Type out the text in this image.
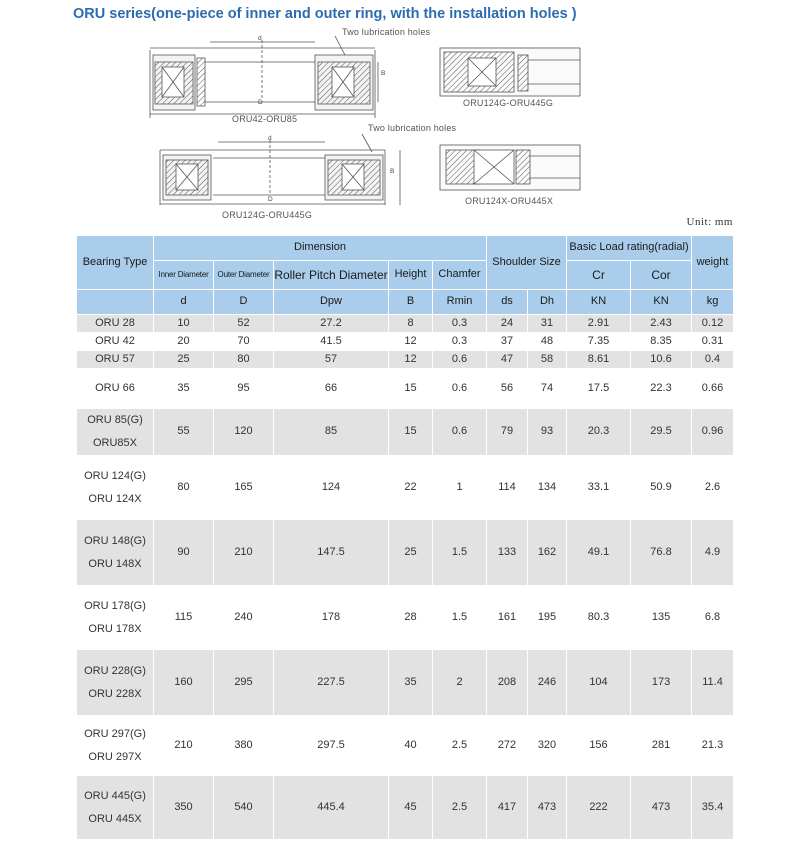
ORU series(one-piece of inner and outer ring, with the installation holes )
Two lubrication holes
ORU42-ORU85
ORU124G-ORU445G
Two lubrication holes
ORU124G-ORU445G
ORU124X-ORU445X
d
D
B
d
D
B
Unit: mm
Bearing Type	Dimension					Shoulder Size		Basic Load rating(radial)		weight
	Inner Diameter	Outer Diameter	Roller Pitch Diameter	Height	Chamfer			Cr	Cor	
	d	D	Dpw	B	Rmin	ds	Dh	KN	KN	kg

ORU 28	10	52	27.2	8	0.3	24	31	2.91	2.43	0.12

ORU 42	20	70	41.5	12	0.3	37	48	7.35	8.35	0.31

ORU 57	25	80	57	12	0.6	47	58	8.61	10.6	0.4

ORU 66	35	95	66	15	0.6	56	74	17.5	22.3	0.66

ORU 85(G)
ORU85X	55	120	85	15	0.6	79	93	20.3	29.5	0.96

ORU 124(G)
ORU 124X	80	165	124	22	1	114	134	33.1	50.9	2.6

ORU 148(G)
ORU 148X	90	210	147.5	25	1.5	133	162	49.1	76.8	4.9

ORU 178(G)
ORU 178X	115	240	178	28	1.5	161	195	80.3	135	6.8

ORU 228(G)
ORU 228X	160	295	227.5	35	2	208	246	104	173	11.4

ORU 297(G)
ORU 297X	210	380	297.5	40	2.5	272	320	156	281	21.3

ORU 445(G)
ORU 445X	350	540	445.4	45	2.5	417	473	222	473	35.4
